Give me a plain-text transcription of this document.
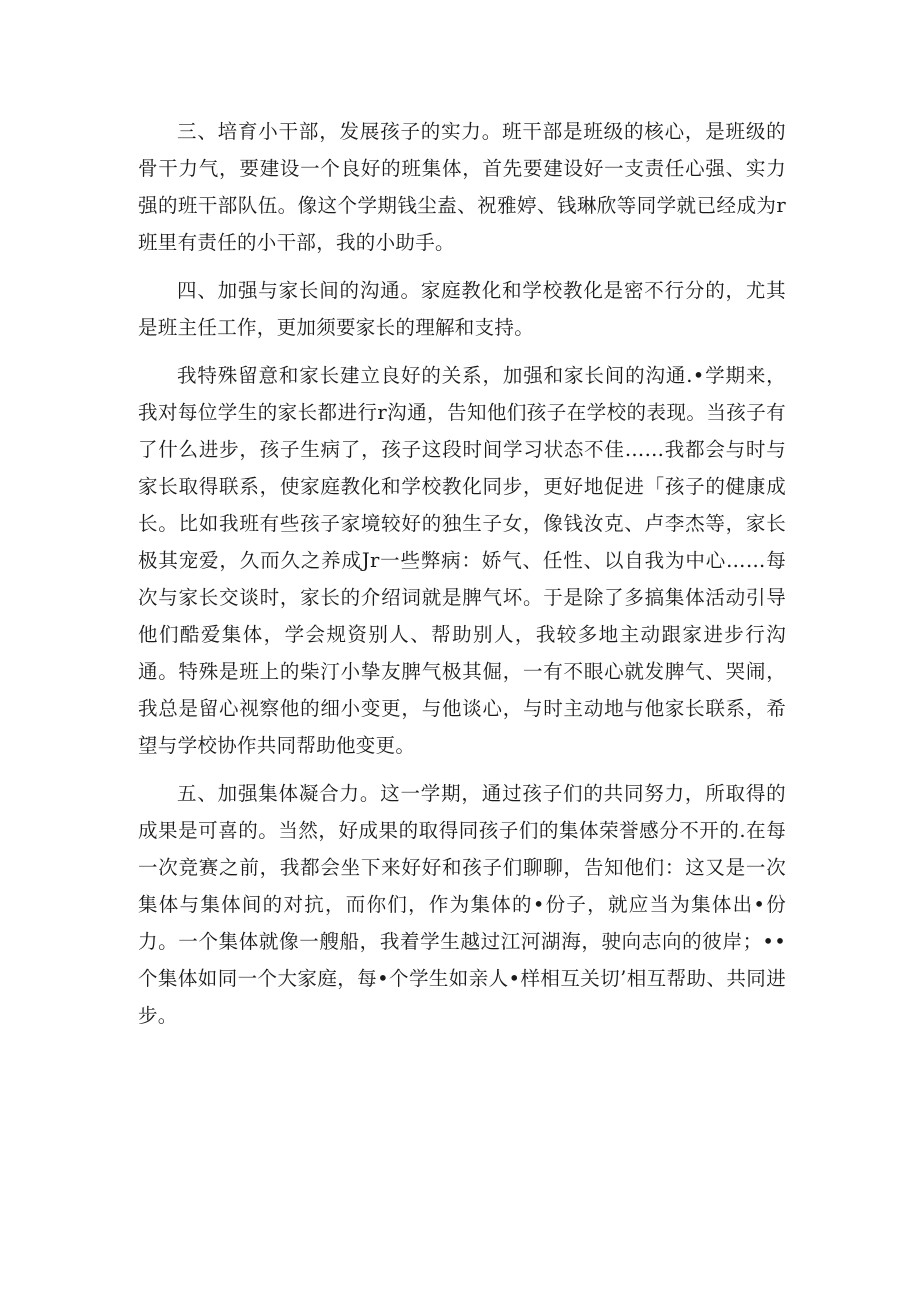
三、培育小干部，发展孩子的实力。班干部是班级的核心，是班级的骨干力气，要建设一个良好的班集体，首先要建设好一支责任心强、实力强的班干部队伍。像这个学期钱尘盍、祝雅婷、钱琳欣等同学就已经成为r班里有责任的小干部，我的小助手。

四、加强与家长间的沟通。家庭教化和学校教化是密不行分的，尤其是班主任工作，更加须要家长的理解和支持。

我特殊留意和家长建立良好的关系，加强和家长间的沟通.•学期来，我对每位学生的家长都进行r沟通，告知他们孩子在学校的表现。当孩子有了什么进步，孩子生病了，孩子这段时间学习状态不佳……我都会与时与家长取得联系，使家庭教化和学校教化同步，更好地促进「孩子的健康成长。比如我班有些孩子家境较好的独生子女，像钱汝克、卢李杰等，家长极其宠爱，久而久之养成Jr一些弊病：娇气、任性、以自我为中心……每次与家长交谈时，家长的介绍词就是脾气坏。于是除了多搞集体活动引导他们酷爱集体，学会规资别人、帮助别人，我较多地主动跟家进步行沟通。特殊是班上的柴汀小挚友脾气极其倔，一有不眼心就发脾气、哭闹，我总是留心视察他的细小变更，与他谈心，与时主动地与他家长联系，希望与学校协作共同帮助他变更。

五、加强集体凝合力。这一学期，通过孩子们的共同努力，所取得的成果是可喜的。当然，好成果的取得同孩子们的集体荣誉感分不开的.在每一次竞赛之前，我都会坐下来好好和孩子们聊聊，告知他们：这又是一次集体与集体间的对抗，而你们，作为集体的•份子，就应当为集体出•份力。一个集体就像一艘船，我着学生越过江河湖海，驶向志向的彼岸；••个集体如同一个大家庭，每•个学生如亲人•样相互关切’相互帮助、共同进步。
